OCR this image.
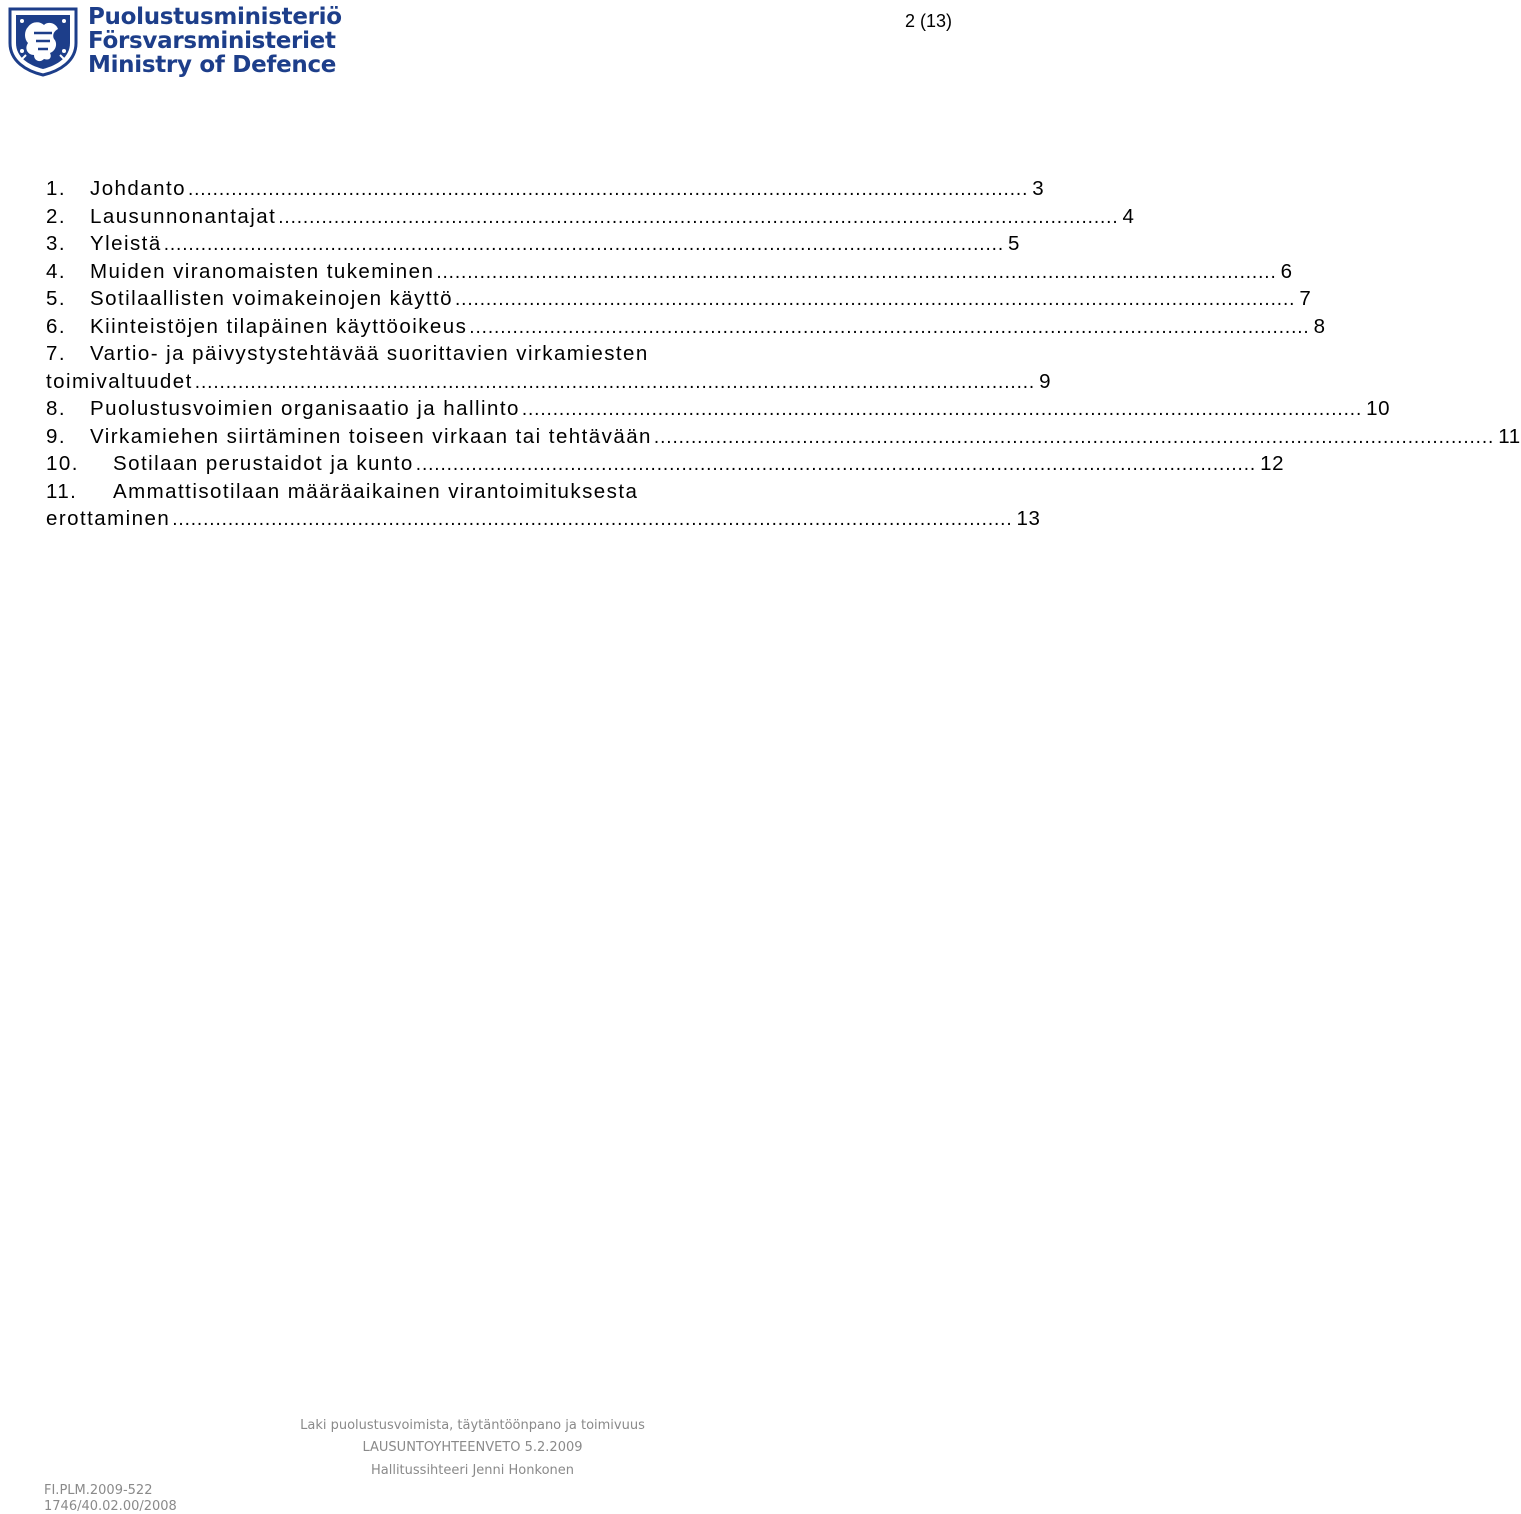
Puolustusministeriö
Försvarsministeriet
Ministry of Defence
2 (13)
1.	Johdanto ........................................................................................................................................ 3
2.	Lausunnonantajat ........................................................................................................................................ 4
3.	Yleistä ........................................................................................................................................ 5
4.	Muiden viranomaisten tukeminen ........................................................................................................................................ 6
5.	Sotilaallisten voimakeinojen käyttö ........................................................................................................................................ 7
6.	Kiinteistöjen tilapäinen käyttöoikeus ........................................................................................................................................ 8
7.	Vartio- ja päivystystehtävää suorittavien virkamiesten
toimivaltuudet ........................................................................................................................................ 9
8.	Puolustusvoimien organisaatio ja hallinto ........................................................................................................................................ 10
9.	Virkamiehen siirtäminen toiseen virkaan tai tehtävään ........................................................................................................................................ 11
10.	Sotilaan perustaidot ja kunto ........................................................................................................................................ 12
11.	Ammattisotilaan määräaikainen virantoimituksesta
erottaminen ........................................................................................................................................ 13
Laki puolustusvoimista, täytäntöönpano ja toimivuus
LAUSUNTOYHTEENVETO 5.2.2009
Hallitussihteeri Jenni Honkonen
FI.PLM.2009-522
1746/40.02.00/2008
